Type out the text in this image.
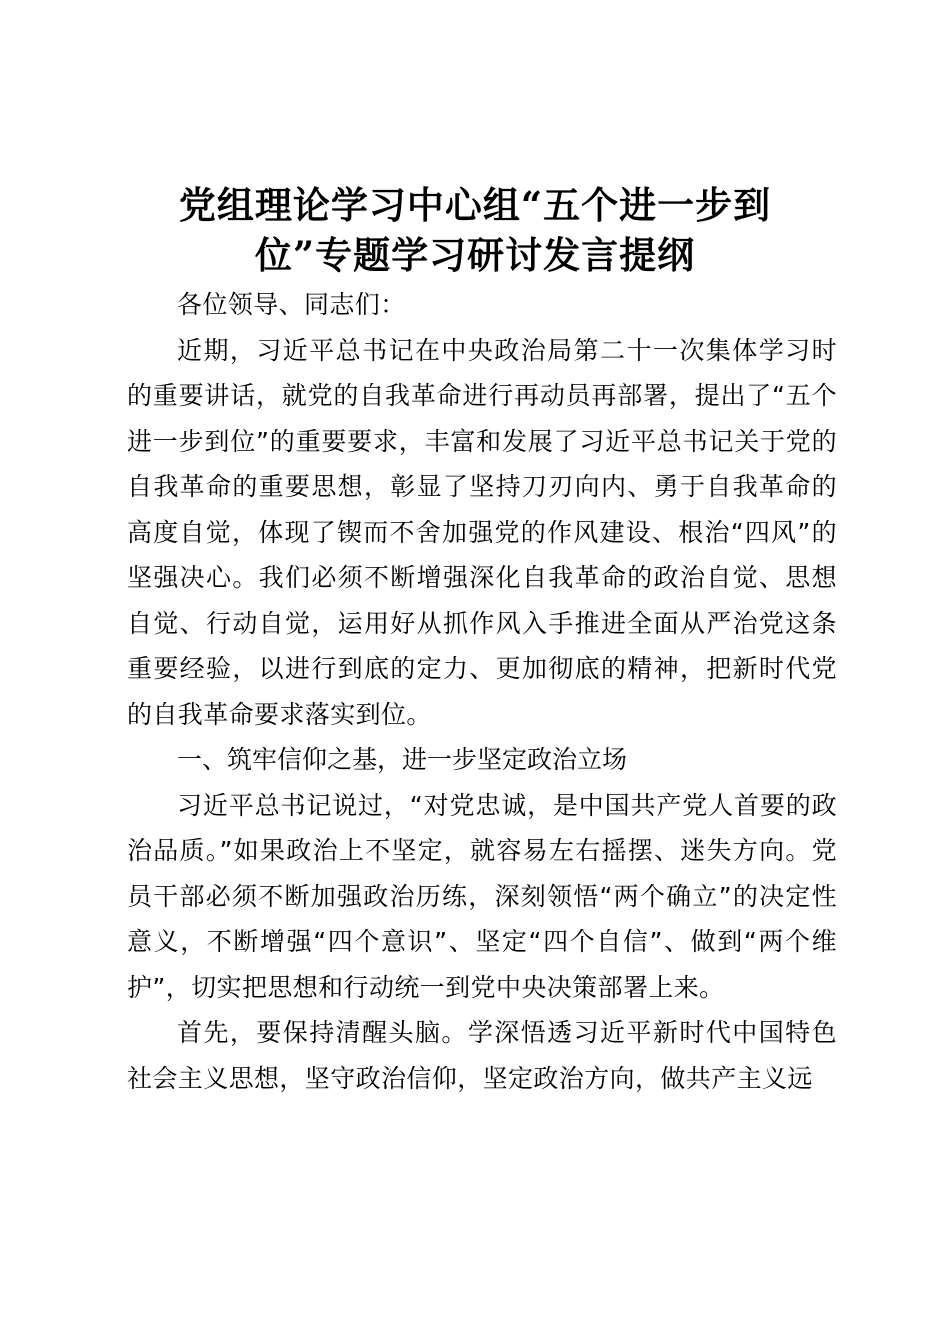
党组理论学习中心组“五个进一步到
位”专题学习研讨发言提纲

各位领导、同志们：

近期，习近平总书记在中央政治局第二十一次集体学习时的重要讲话，就党的自我革命进行再动员再部署，提出了“五个进一步到位”的重要要求，丰富和发展了习近平总书记关于党的自我革命的重要思想，彰显了坚持刀刃向内、勇于自我革命的高度自觉，体现了锲而不舍加强党的作风建设、根治“四风”的坚强决心。我们必须不断增强深化自我革命的政治自觉、思想自觉、行动自觉，运用好从抓作风入手推进全面从严治党这条重要经验，以进行到底的定力、更加彻底的精神，把新时代党的自我革命要求落实到位。

一、筑牢信仰之基，进一步坚定政治立场

习近平总书记说过，“对党忠诚，是中国共产党人首要的政治品质。”如果政治上不坚定，就容易左右摇摆、迷失方向。党员干部必须不断加强政治历练，深刻领悟“两个确立”的决定性意义，不断增强“四个意识”、坚定“四个自信”、做到“两个维护”，切实把思想和行动统一到党中央决策部署上来。

首先，要保持清醒头脑。学深悟透习近平新时代中国特色社会主义思想，坚守政治信仰，坚定政治方向，做共产主义远
